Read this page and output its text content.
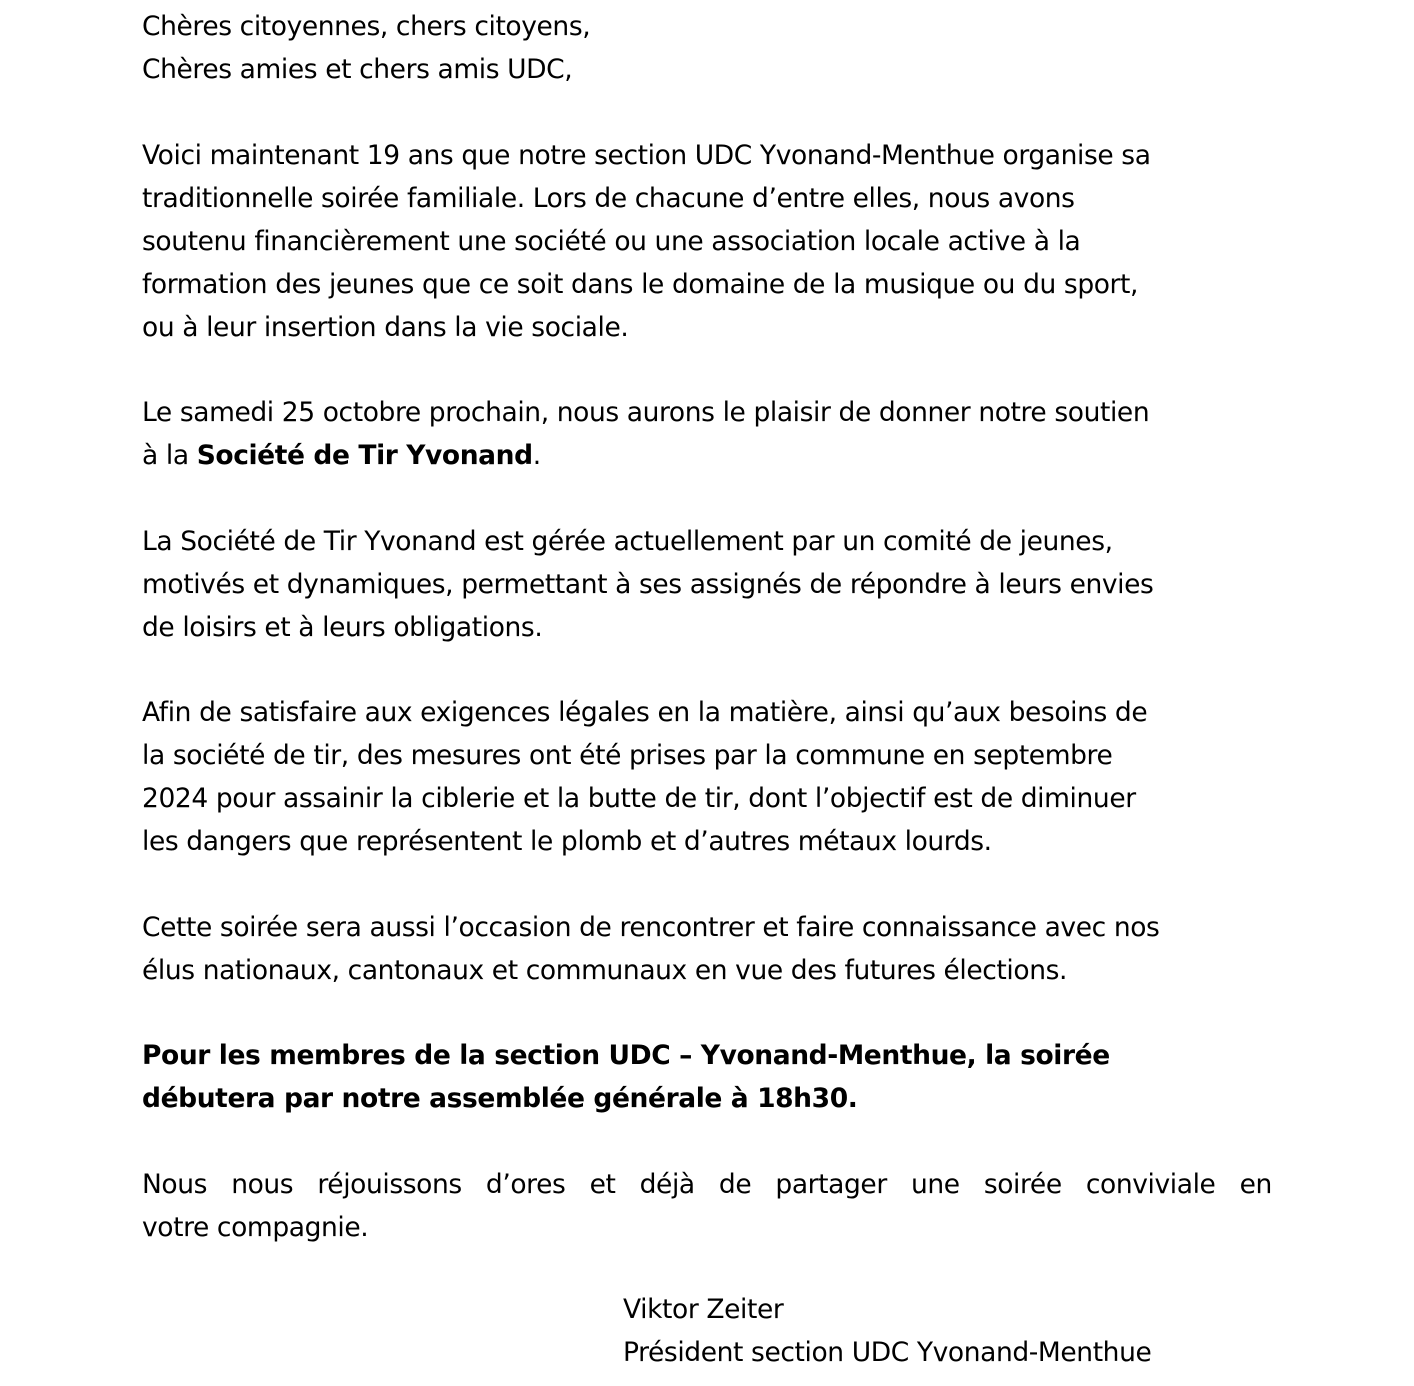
Chères citoyennes, chers citoyens,
Chères amies et chers amis UDC,
Voici maintenant 19 ans que notre section UDC Yvonand-Menthue organise sa
traditionnelle soirée familiale. Lors de chacune d’entre elles, nous avons
soutenu financièrement une société ou une association locale active à la
formation des jeunes que ce soit dans le domaine de la musique ou du sport,
ou à leur insertion dans la vie sociale.
Le samedi 25 octobre prochain, nous aurons le plaisir de donner notre soutien
à la Société de Tir Yvonand.
La Société de Tir Yvonand est gérée actuellement par un comité de jeunes,
motivés et dynamiques, permettant à ses assignés de répondre à leurs envies
de loisirs et à leurs obligations.
Afin de satisfaire aux exigences légales en la matière, ainsi qu’aux besoins de
la société de tir, des mesures ont été prises par la commune en septembre
2024 pour assainir la ciblerie et la butte de tir, dont l’objectif est de diminuer
les dangers que représentent le plomb et d’autres métaux lourds.
Cette soirée sera aussi l’occasion de rencontrer et faire connaissance avec nos
élus nationaux, cantonaux et communaux en vue des futures élections.
Pour les membres de la section UDC – Yvonand-Menthue, la soirée
débutera par notre assemblée générale à 18h30.
Nous nous réjouissons d’ores et déjà de partager une soirée conviviale en
votre compagnie.
Viktor Zeiter
Président section UDC Yvonand-Menthue
